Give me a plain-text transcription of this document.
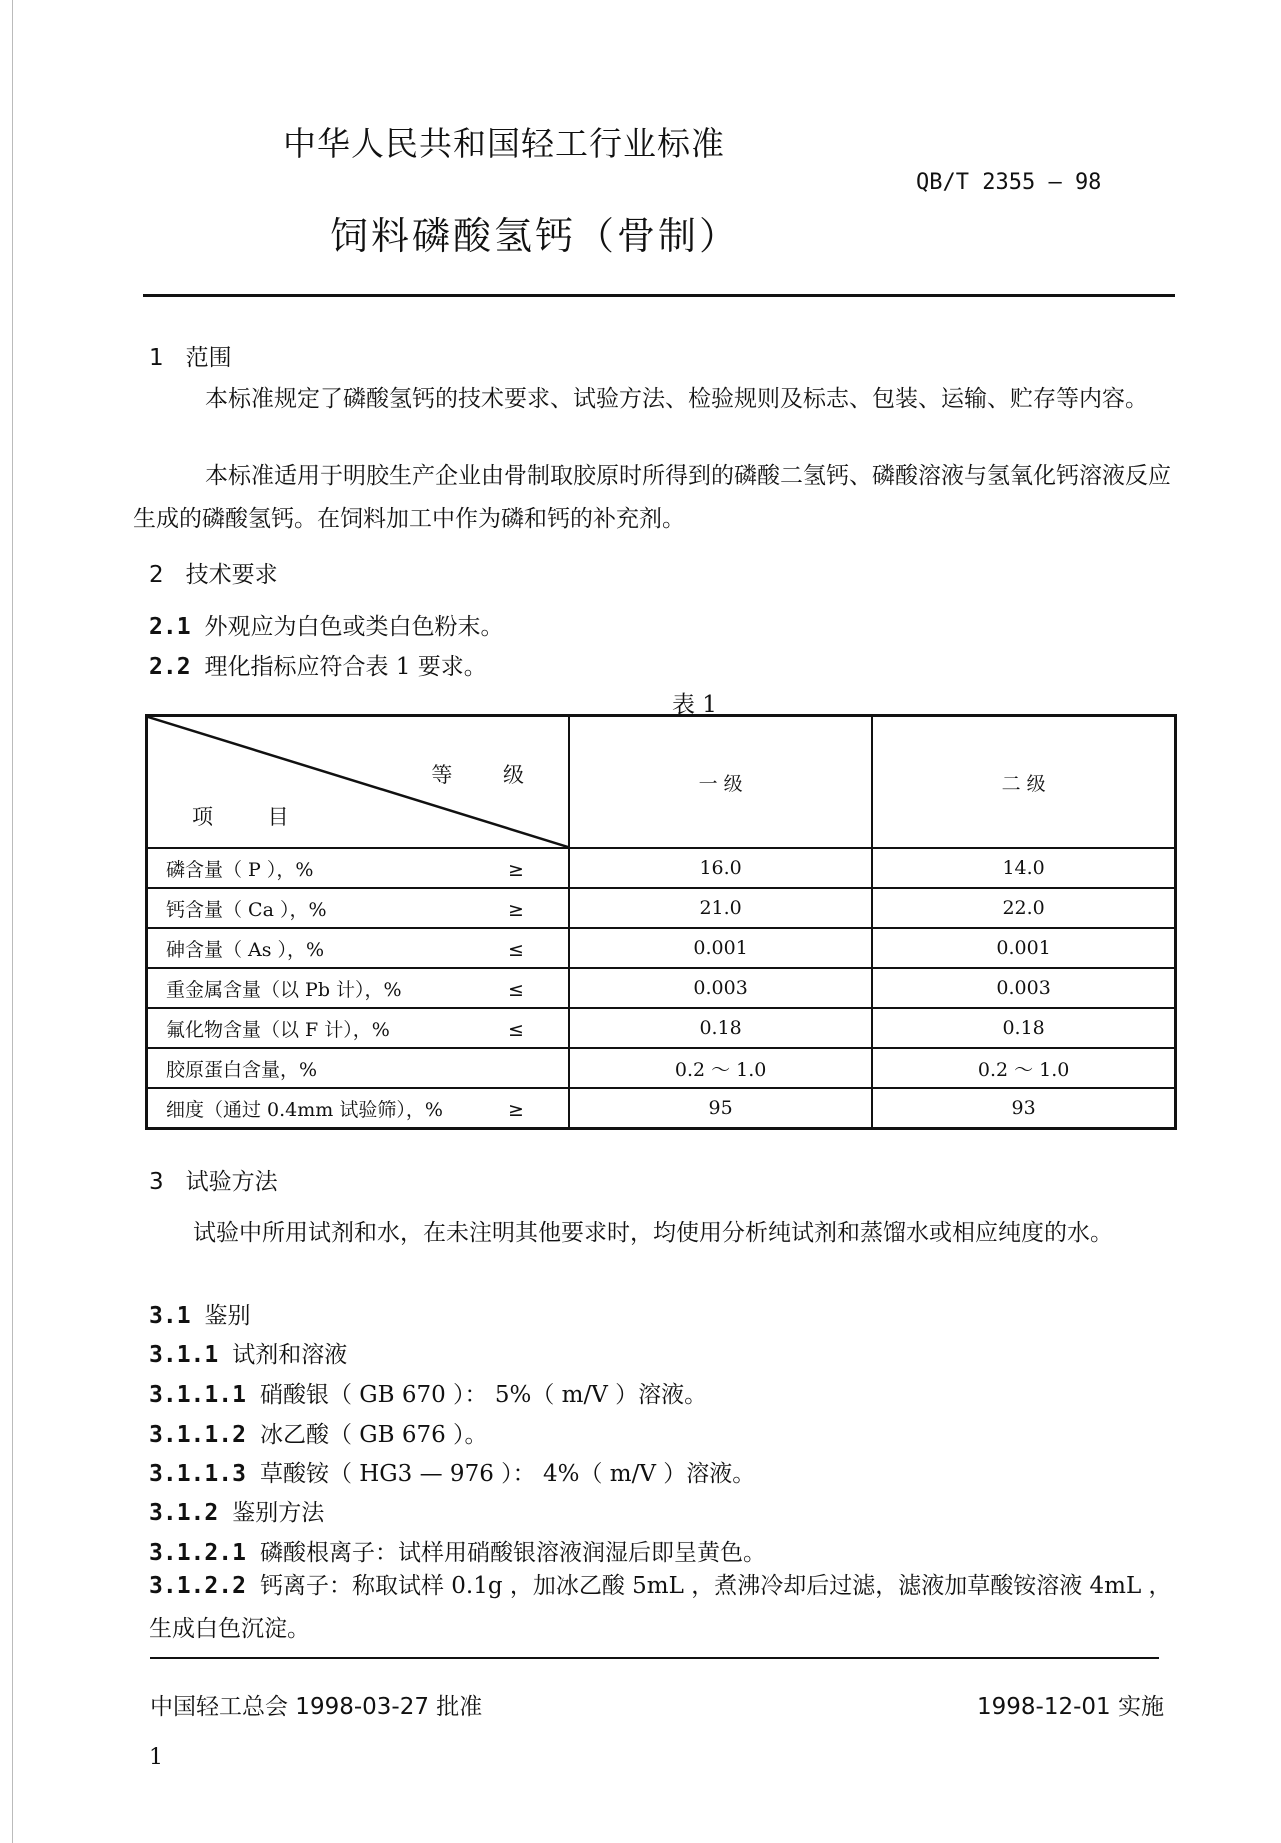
中华人民共和国轻工行业标准
QB/T 2355 — 98
饲料磷酸氢钙（骨制）
1 范围
本标准规定了磷酸氢钙的技术要求、试验方法、检验规则及标志、包装、运输、贮存等内容。
本标准适用于明胶生产企业由骨制取胶原时所得到的磷酸二氢钙、磷酸溶液与氢氧化钙溶液反应生成的磷酸氢钙。在饲料加工中作为磷和钙的补充剂。
2 技术要求
2.1 外观应为白色或类白色粉末。
2.2 理化指标应符合表 1 要求。
表 1
等 级
项 目	一 级	二 级
磷含量（ P ），% ≥	16.0	14.0
钙含量（ Ca ），% ≥	21.0	22.0
砷含量（ As ），% ≤	0.001	0.001
重金属含量（以 Pb 计），% ≤	0.003	0.003
氟化物含量（以 F 计），% ≤	0.18	0.18
胶原蛋白含量，%	0.2 ～ 1.0	0.2 ～ 1.0
细度（通过 0.4mm 试验筛），% ≥	95	93
3 试验方法
试验中所用试剂和水，在未注明其他要求时，均使用分析纯试剂和蒸馏水或相应纯度的水。
3.1 鉴别
3.1.1 试剂和溶液
3.1.1.1 硝酸银（ GB 670 ）： 5%（ m/V ）溶液。
3.1.1.2 冰乙酸（ GB 676 ）。
3.1.1.3 草酸铵（ HG3 — 976 ）： 4%（ m/V ）溶液。
3.1.2 鉴别方法
3.1.2.1 磷酸根离子：试样用硝酸银溶液润湿后即呈黄色。
3.1.2.2 钙离子：称取试样 0.1g ，加冰乙酸 5mL ，煮沸冷却后过滤，滤液加草酸铵溶液 4mL ，生成白色沉淀。
中国轻工总会 1998-03-27 批准	1998-12-01 实施
1
